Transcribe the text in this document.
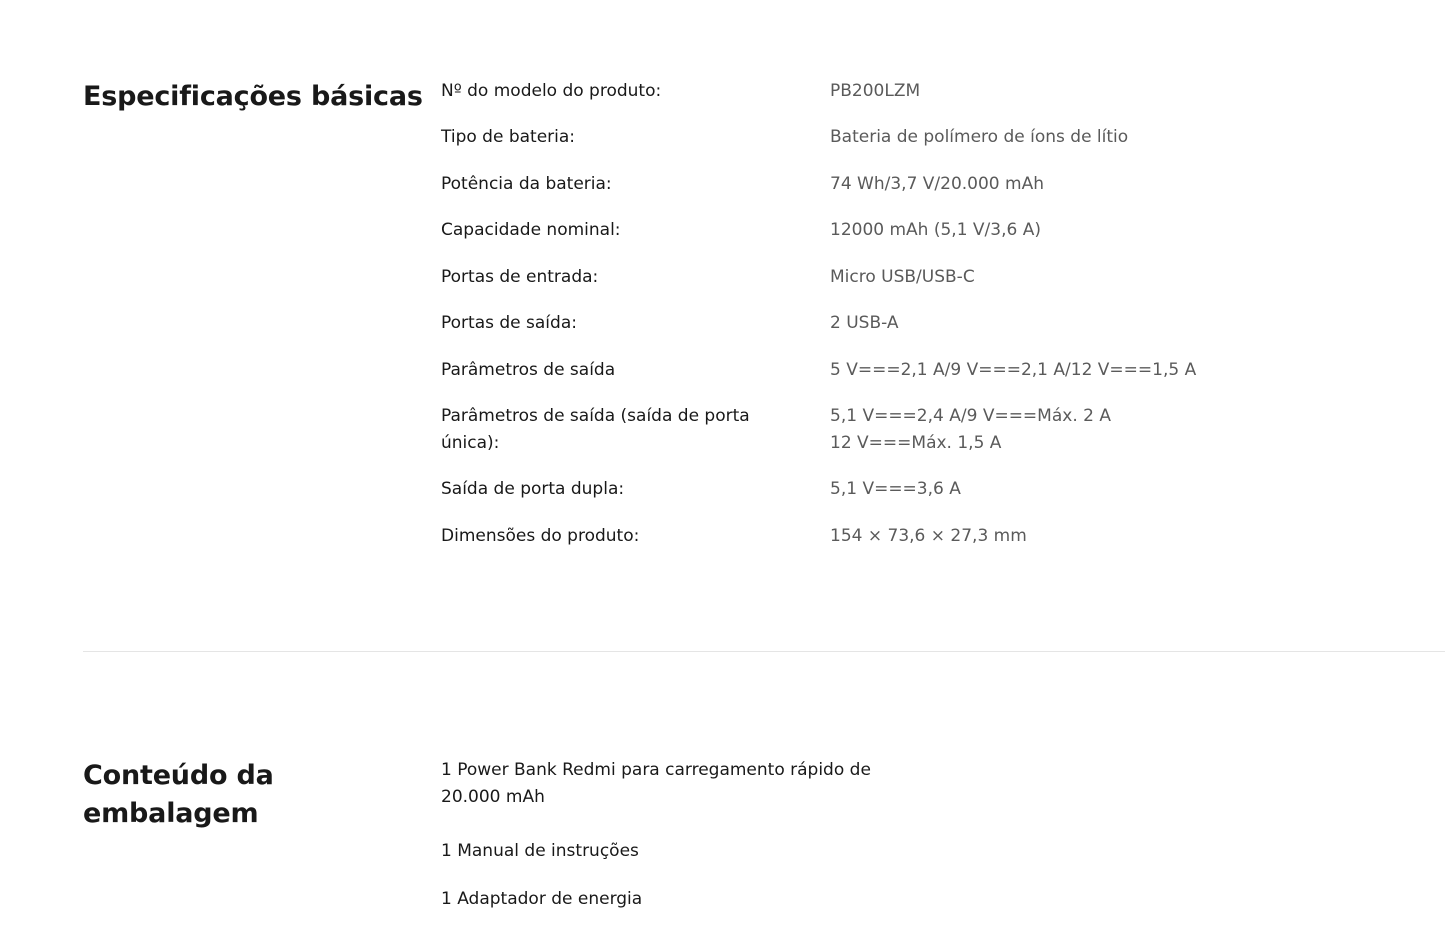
Especificações básicas Nº do modelo do produto:	PB200LZM
Tipo de bateria:	Bateria de polímero de íons de lítio
Potência da bateria:	74 Wh/3,7 V/20.000 mAh
Capacidade nominal:	12000 mAh (5,1 V/3,6 A)
Portas de entrada:	Micro USB/USB-C
Portas de saída:	2 USB-A
Parâmetros de saída	5 V===2,1 A/9 V===2,1 A/12 V===1,5 A
Parâmetros de saída (saída de porta única):
5,1 V===2,4 A/9 V===Máx. 2 A
12 V===Máx. 1,5 A
Saída de porta dupla:	5,1 V===3,6 A
Dimensões do produto:	154 × 73,6 × 27,3 mm
Conteúdo da embalagem
1 Power Bank Redmi para carregamento rápido de 20.000 mAh
1 Manual de instruções
1 Adaptador de energia
